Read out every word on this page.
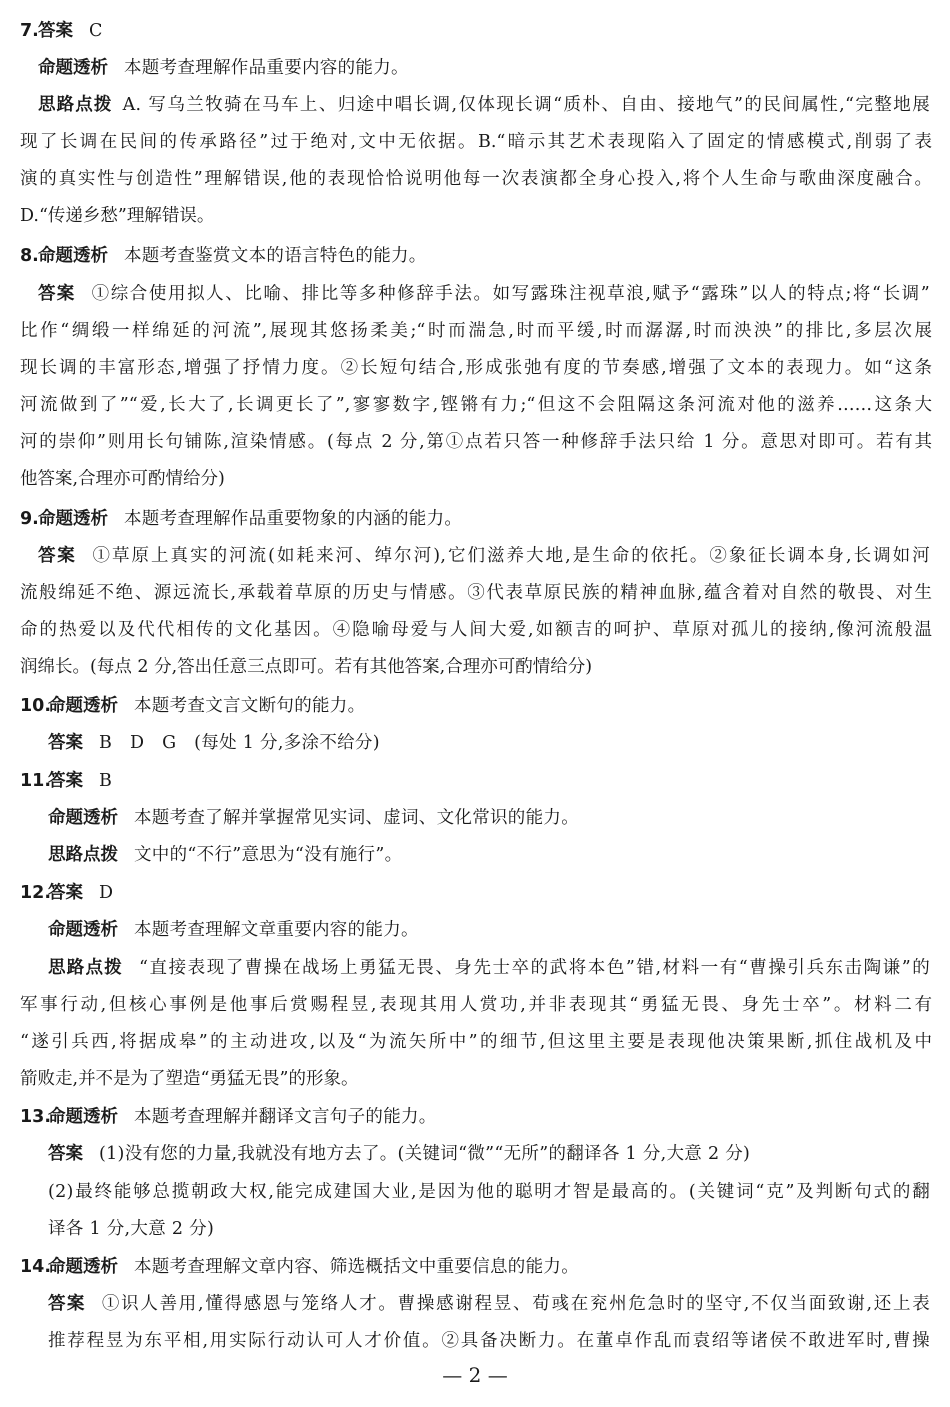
7. 答案 C
命题透析 本题考查理解作品重要内容的能力。
思路点拨 A. 写乌兰牧骑在马车上、归途中唱长调,仅体现长调“质朴、自由、接地气”的民间属性,“完整地展
现了长调在民间的传承路径”过于绝对,文中无依据。B.“暗示其艺术表现陷入了固定的情感模式,削弱了表
演的真实性与创造性”理解错误,他的表现恰恰说明他每一次表演都全身心投入,将个人生命与歌曲深度融合。
D.“传递乡愁”理解错误。
8. 命题透析 本题考查鉴赏文本的语言特色的能力。
答案 ①综合使用拟人、比喻、排比等多种修辞手法。如写露珠注视草浪,赋予“露珠”以人的特点;将“长调”
比作“绸缎一样绵延的河流”,展现其悠扬柔美;“时而湍急,时而平缓,时而潺潺,时而泱泱”的排比,多层次展
现长调的丰富形态,增强了抒情力度。②长短句结合,形成张弛有度的节奏感,增强了文本的表现力。如“这条
河流做到了”“爱,长大了,长调更长了”,寥寥数字,铿锵有力;“但这不会阻隔这条河流对他的滋养……这条大
河的崇仰”则用长句铺陈,渲染情感。(每点 2 分,第①点若只答一种修辞手法只给 1 分。意思对即可。若有其
他答案,合理亦可酌情给分)
9. 命题透析 本题考查理解作品重要物象的内涵的能力。
答案 ①草原上真实的河流(如耗来河、绰尔河),它们滋养大地,是生命的依托。②象征长调本身,长调如河
流般绵延不绝、源远流长,承载着草原的历史与情感。③代表草原民族的精神血脉,蕴含着对自然的敬畏、对生
命的热爱以及代代相传的文化基因。④隐喻母爱与人间大爱,如额吉的呵护、草原对孤儿的接纳,像河流般温
润绵长。(每点 2 分,答出任意三点即可。若有其他答案,合理亦可酌情给分)
10.
命题透析 本题考查文言文断句的能力。
答案 B　D　G　(每处 1 分,多涂不给分)
11.
答案 B
命题透析 本题考查了解并掌握常见实词、虚词、文化常识的能力。
思路点拨 文中的“不行”意思为“没有施行”。
12.
答案 D
命题透析 本题考查理解文章重要内容的能力。
思路点拨 “直接表现了曹操在战场上勇猛无畏、身先士卒的武将本色”错,材料一有“曹操引兵东击陶谦”的
军事行动,但核心事例是他事后赏赐程昱,表现其用人赏功,并非表现其“勇猛无畏、身先士卒”。材料二有
“遂引兵西,将据成皋”的主动进攻,以及“为流矢所中”的细节,但这里主要是表现他决策果断,抓住战机及中
箭败走,并不是为了塑造“勇猛无畏”的形象。
13.
命题透析 本题考查理解并翻译文言句子的能力。
答案 (1)没有您的力量,我就没有地方去了。(关键词“微”“无所”的翻译各 1 分,大意 2 分)
(2)最终能够总揽朝政大权,能完成建国大业,是因为他的聪明才智是最高的。(关键词“克”及判断句式的翻
译各 1 分,大意 2 分)
14.
命题透析 本题考查理解文章内容、筛选概括文中重要信息的能力。
答案 ①识人善用,懂得感恩与笼络人才。曹操感谢程昱、荀彧在兖州危急时的坚守,不仅当面致谢,还上表
推荐程昱为东平相,用实际行动认可人才价值。②具备决断力。在董卓作乱而袁绍等诸侯不敢进军时,曹操
— 2 —
